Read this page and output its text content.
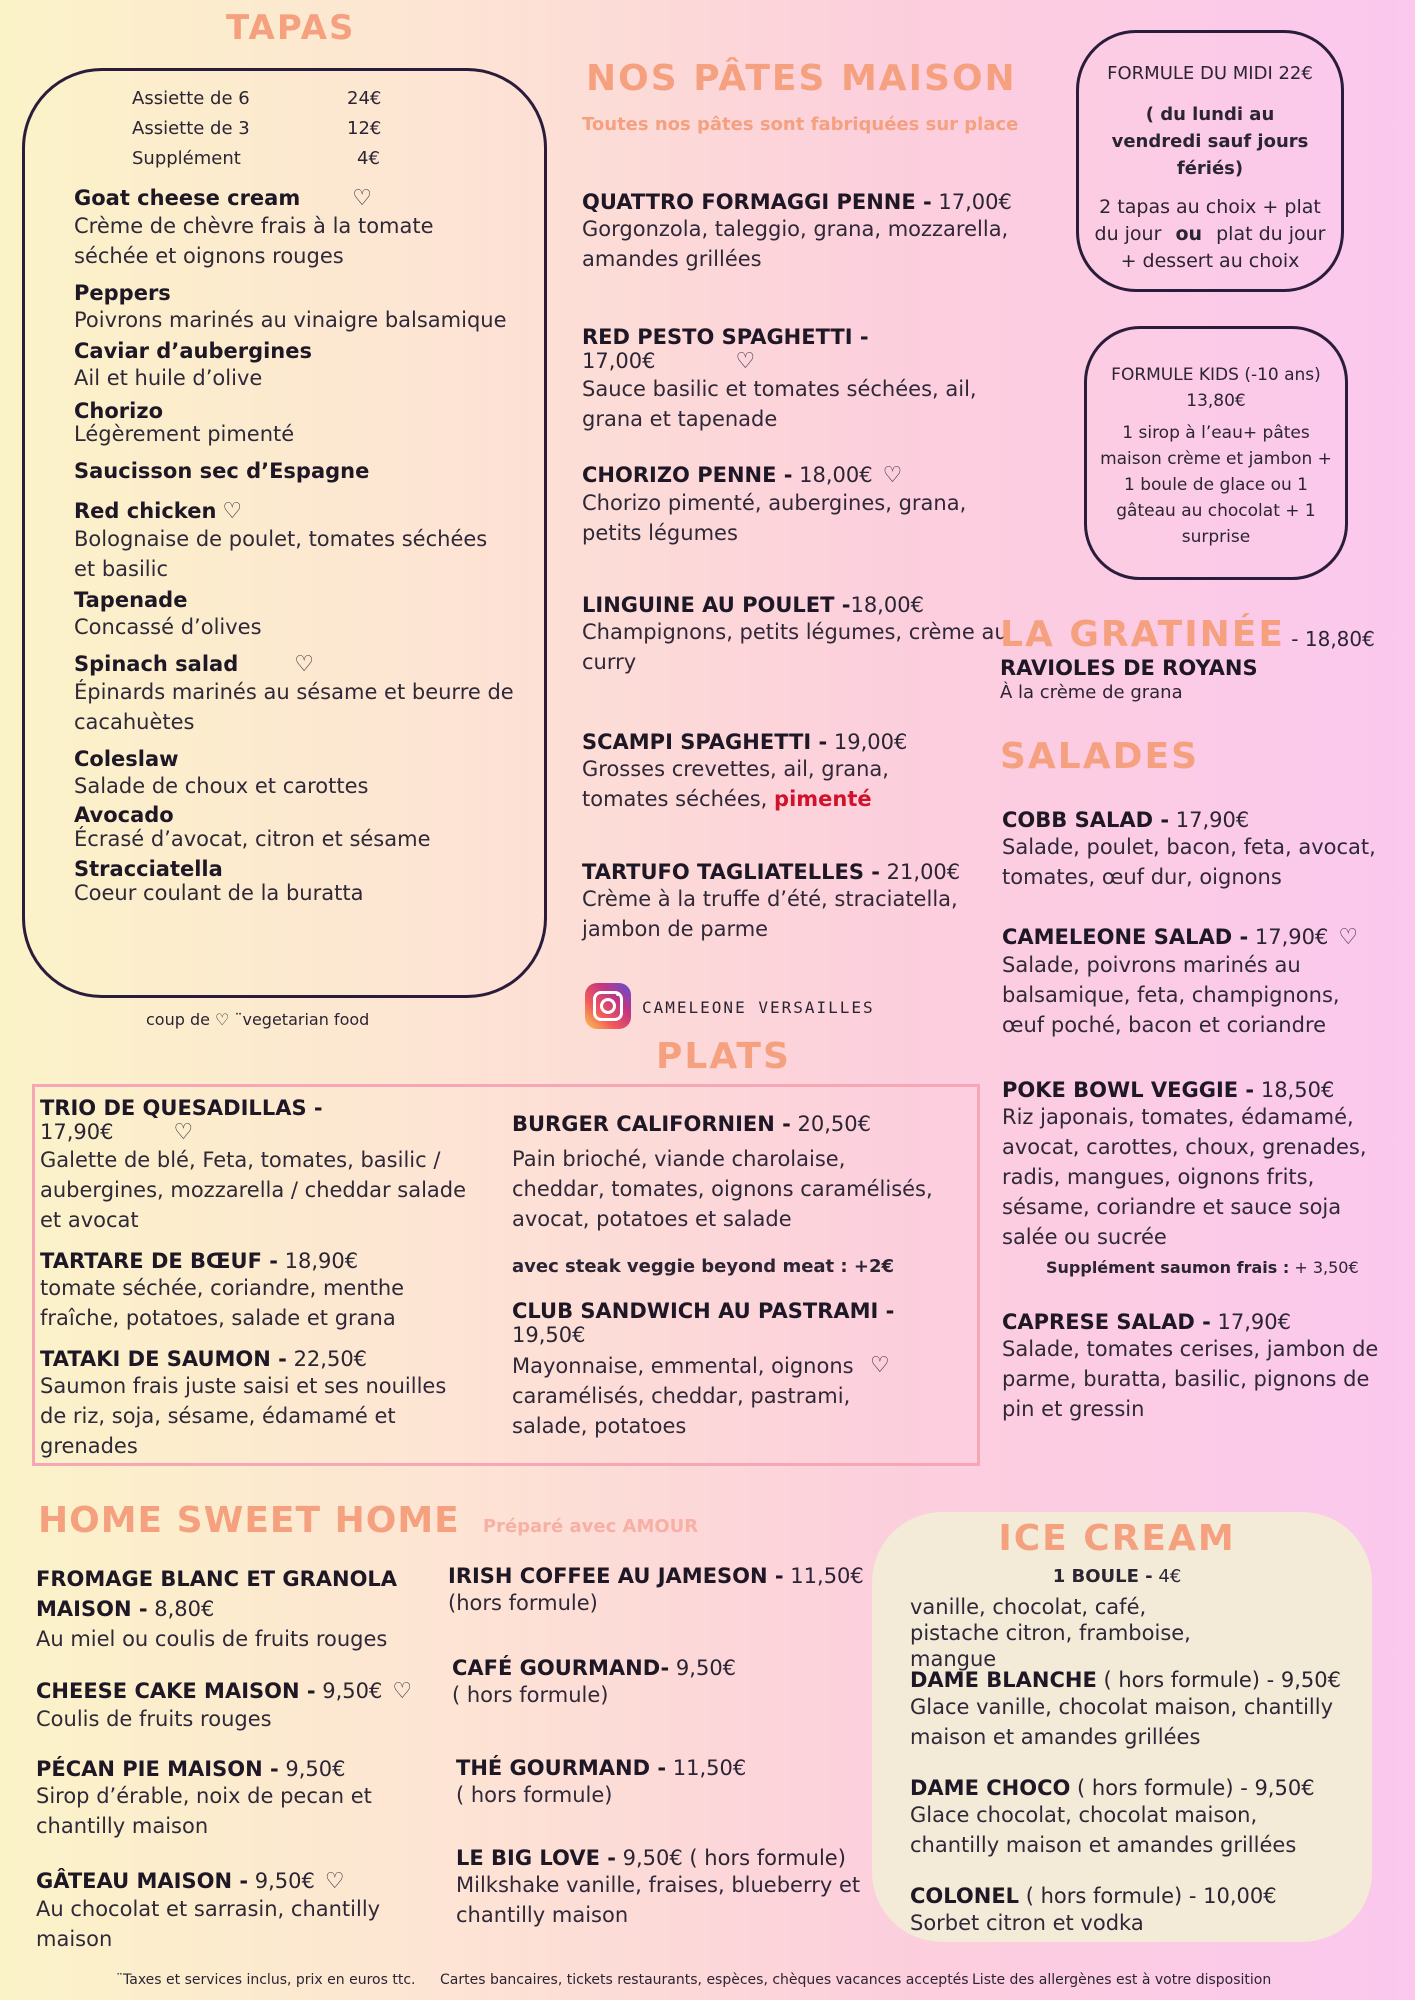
TAPAS
Assiette de 6	24€
Assiette de 3	12€
Supplément	4€
Goat cheese cream ♡
Crème de chèvre frais à la tomate séchée et oignons rouges
Peppers
Poivrons marinés au vinaigre balsamique
Caviar d’aubergines
Ail et huile d’olive
Chorizo
Légèrement pimenté
Saucisson sec d’Espagne
Red chicken ♡
Bolognaise de poulet, tomates séchées et basilic
Tapenade
Concassé d’olives
Spinach salad	♡
Épinards marinés au sésame et beurre de cacahuètes
Coleslaw
Salade de choux et carottes
Avocado
Écrasé d’avocat, citron et sésame
Stracciatella
Coeur coulant de la buratta
coup de ♡ ¨vegetarian food
NOS PÂTES MAISON
Toutes nos pâtes sont fabriquées sur place
QUATTRO FORMAGGI PENNE - 17,00€
Gorgonzola, taleggio, grana, mozzarella, amandes grillées
RED PESTO SPAGHETTI - 17,00€	♡
Sauce basilic et tomates séchées, ail, grana et tapenade
CHORIZO PENNE - 18,00€ ♡
Chorizo pimenté, aubergines, grana, petits légumes
LINGUINE AU POULET -18,00€
Champignons, petits légumes, crème au curry
SCAMPI SPAGHETTI - 19,00€
Grosses crevettes, ail, grana, tomates séchées, pimenté
TARTUFO TAGLIATELLES - 21,00€
Crème à la truffe d’été, straciatella, jambon de parme
CAMELEONE VERSAILLES
FORMULE DU MIDI 22€
( du lundi au vendredi sauf jours fériés)
2 tapas au choix + plat du jour ou plat du jour + dessert au choix
FORMULE KIDS (-10 ans)
13,80€
1 sirop à l’eau+ pâtes maison crème et jambon + 1 boule de glace ou 1 gâteau au chocolat + 1 surprise
LA GRATINÉE - 18,80€
RAVIOLES DE ROYANS
À la crème de grana
SALADES
COBB SALAD - 17,90€
Salade, poulet, bacon, feta, avocat, tomates, œuf dur, oignons
CAMELEONE SALAD - 17,90€ ♡
Salade, poivrons marinés au balsamique, feta, champignons, œuf poché, bacon et coriandre
POKE BOWL VEGGIE - 18,50€
Riz japonais, tomates, édamamé, avocat, carottes, choux, grenades, radis, mangues, oignons frits, sésame, coriandre et sauce soja salée ou sucrée
Supplément saumon frais : + 3,50€
CAPRESE SALAD - 17,90€
Salade, tomates cerises, jambon de parme, buratta, basilic, pignons de pin et gressin
PLATS
TRIO DE QUESADILLAS - 17,90€	♡
Galette de blé, Feta, tomates, basilic / aubergines, mozzarella / cheddar salade et avocat
TARTARE DE BŒUF - 18,90€
tomate séchée, coriandre, menthe fraîche, potatoes, salade et grana
TATAKI DE SAUMON - 22,50€
Saumon frais juste saisi et ses nouilles de riz, soja, sésame, édamamé et grenades
BURGER CALIFORNIEN - 20,50€
Pain brioché, viande charolaise, cheddar, tomates, oignons caramélisés, avocat, potatoes et salade
avec steak veggie beyond meat : +2€
CLUB SANDWICH AU PASTRAMI - 19,50€
Mayonnaise, emmental, oignons caramélisés, cheddar, pastrami, salade, potatoes
♡
HOME SWEET HOME Préparé avec AMOUR
FROMAGE BLANC ET GRANOLA MAISON - 8,80€
Au miel ou coulis de fruits rouges
CHEESE CAKE MAISON - 9,50€ ♡
Coulis de fruits rouges
PÉCAN PIE MAISON - 9,50€
Sirop d’érable, noix de pecan et chantilly maison
GÂTEAU MAISON - 9,50€ ♡
Au chocolat et sarrasin, chantilly maison
IRISH COFFEE AU JAMESON - 11,50€
(hors formule)
CAFÉ GOURMAND- 9,50€
( hors formule)
THÉ GOURMAND - 11,50€
( hors formule)
LE BIG LOVE - 9,50€ ( hors formule)
Milkshake vanille, fraises, blueberry et chantilly maison
ICE CREAM
1 BOULE - 4€
vanille, chocolat, café, pistache citron, framboise, mangue
DAME BLANCHE ( hors formule) - 9,50€
Glace vanille, chocolat maison, chantilly maison et amandes grillées
DAME CHOCO ( hors formule) - 9,50€
Glace chocolat, chocolat maison, chantilly maison et amandes grillées
COLONEL ( hors formule) - 10,00€
Sorbet citron et vodka
¨Taxes et services inclus, prix en euros ttc. Cartes bancaires, tickets restaurants, espèces, chèques vacances acceptés Liste des allergènes est à votre disposition
